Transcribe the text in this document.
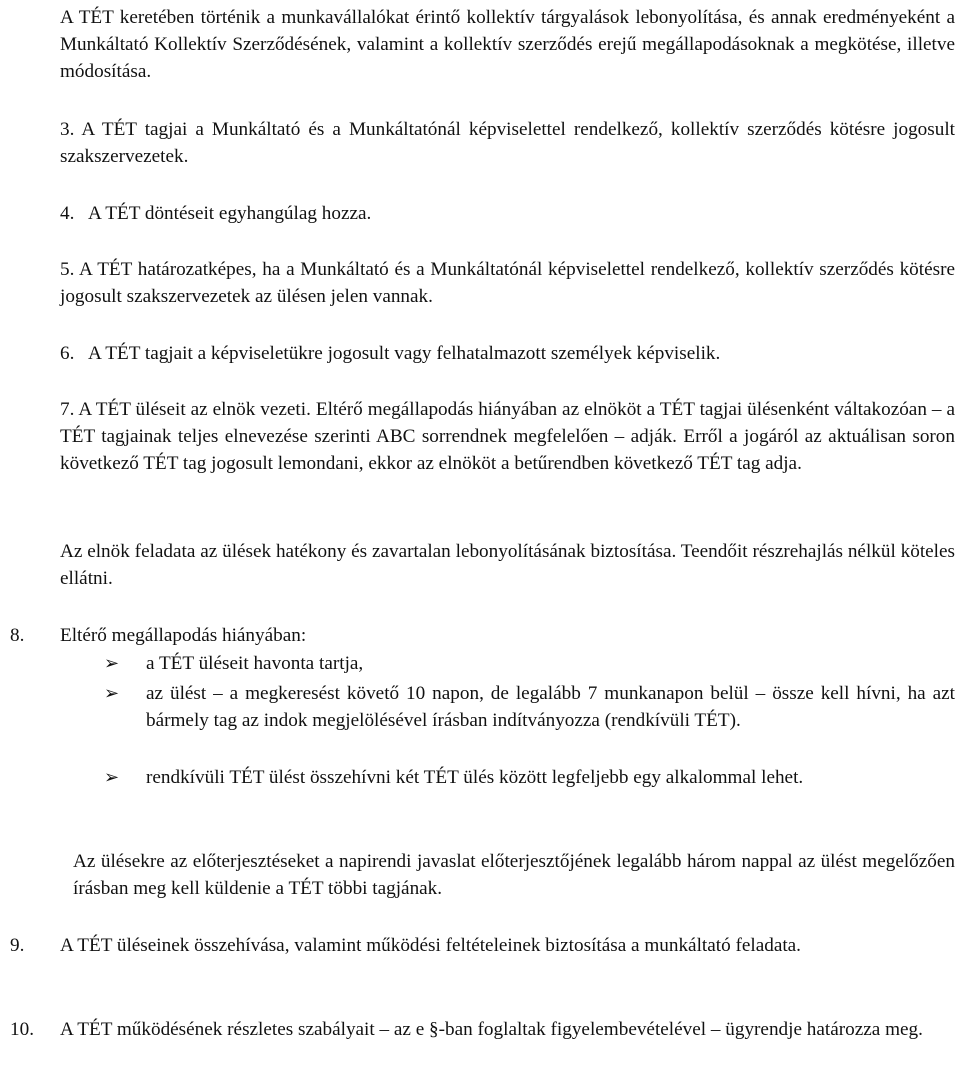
A TÉT keretében történik a munkavállalókat érintő kollektív tárgyalások lebonyolítása, és annak eredményeként a Munkáltató Kollektív Szerződésének, valamint a kollektív szerződés erejű megállapodásoknak a megkötése, illetve módosítása.

3. A TÉT tagjai a Munkáltató és a Munkáltatónál képviselettel rendelkező, kollektív szerződés kötésre jogosult szakszervezetek.

4. A TÉT döntéseit egyhangúlag hozza.

5. A TÉT határozatképes, ha a Munkáltató és a Munkáltatónál képviselettel rendelkező, kollektív szerződés kötésre jogosult szakszervezetek az ülésen jelen vannak.

6. A TÉT tagjait a képviseletükre jogosult vagy felhatalmazott személyek képviselik.

7. A TÉT üléseit az elnök vezeti. Eltérő megállapodás hiányában az elnököt a TÉT tagjai ülésenként váltakozóan – a TÉT tagjainak teljes elnevezése szerinti ABC sorrendnek megfelelően – adják. Erről a jogáról az aktuálisan soron következő TÉT tag jogosult lemondani, ekkor az elnököt a betűrendben következő TÉT tag adja.

Az elnök feladata az ülések hatékony és zavartalan lebonyolításának biztosítása. Teendőit részrehajlás nélkül köteles ellátni.

8. Eltérő megállapodás hiányában:

➢ a TÉT üléseit havonta tartja,

➢ az ülést – a megkeresést követő 10 napon, de legalább 7 munkanapon belül – össze kell hívni, ha azt bármely tag az indok megjelölésével írásban indítványozza (rendkívüli TÉT).

➢ rendkívüli TÉT ülést összehívni két TÉT ülés között legfeljebb egy alkalommal lehet.

Az ülésekre az előterjesztéseket a napirendi javaslat előterjesztőjének legalább három nappal az ülést megelőzően írásban meg kell küldenie a TÉT többi tagjának.

9. A TÉT üléseinek összehívása, valamint működési feltételeinek biztosítása a munkáltató feladata.

10. A TÉT működésének részletes szabályait – az e §-ban foglaltak figyelembevételével – ügyrendje határozza meg.
